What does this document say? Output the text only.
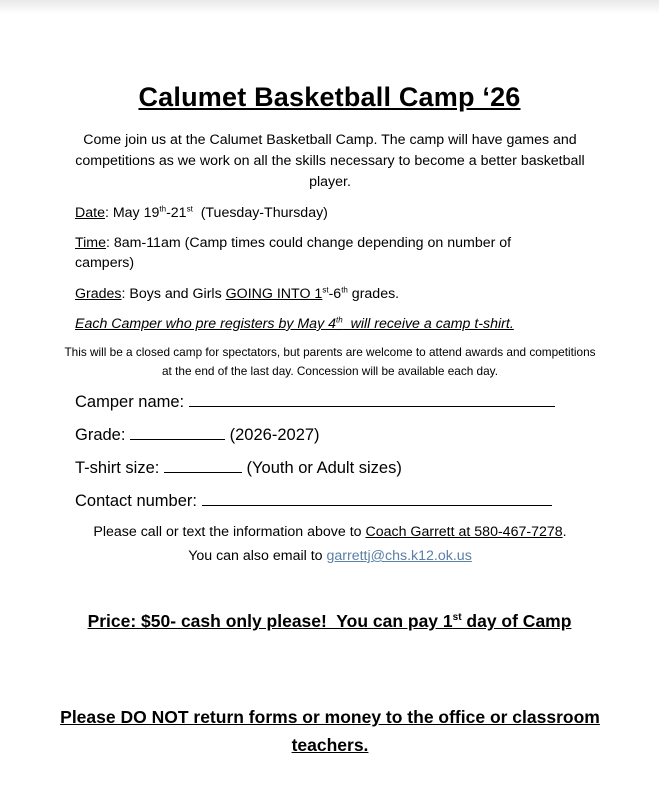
Calumet Basketball Camp ‘26
Come join us at the Calumet Basketball Camp. The camp will have games and competitions as we work on all the skills necessary to become a better basketball player.
Date: May 19th-21st  (Tuesday-Thursday)
Time: 8am-11am (Camp times could change depending on number of
campers)
Grades: Boys and Girls GOING INTO 1st-6th grades.
Each Camper who pre registers by May 4th  will receive a camp t-shirt.
This will be a closed camp for spectators, but parents are welcome to attend awards and competitions at the end of the last day. Concession will be available each day.
Camper name:
Grade:	(2026-2027)
T-shirt size:	(Youth or Adult sizes)
Contact number:
Please call or text the information above to Coach Garrett at 580-467-7278.
You can also email to garrettj@chs.k12.ok.us
Price: $50- cash only please!  You can pay 1st day of Camp
Please DO NOT return forms or money to the office or classroom teachers.
